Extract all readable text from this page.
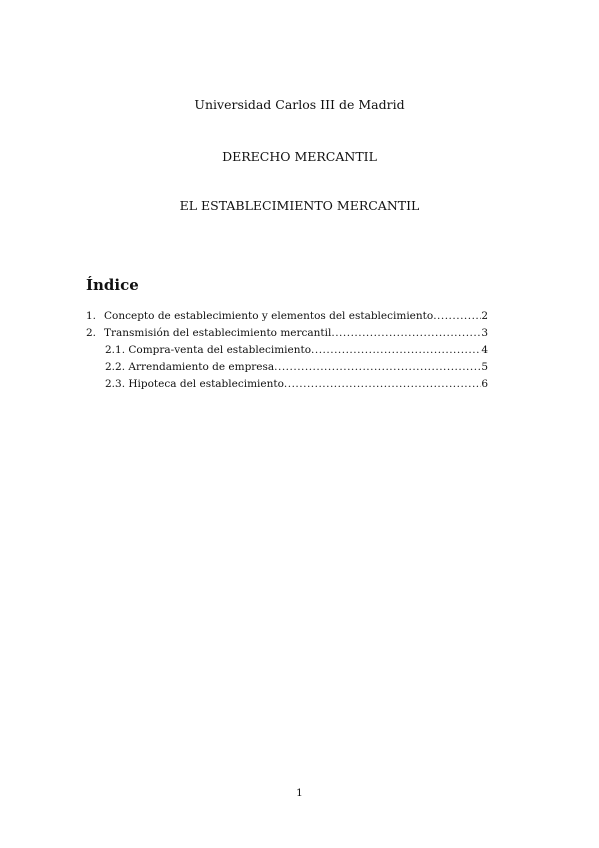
Universidad Carlos III de Madrid
DERECHO MERCANTIL
EL ESTABLECIMIENTO MERCANTIL
Índice
1. Concepto de establecimiento y elementos del establecimiento .....	2
2. Transmisión del establecimiento mercantil .....	3
2.1. Compra-venta del establecimiento .....	4
2.2. Arrendamiento de empresa .....	5
2.3. Hipoteca del establecimiento .....	6
1
